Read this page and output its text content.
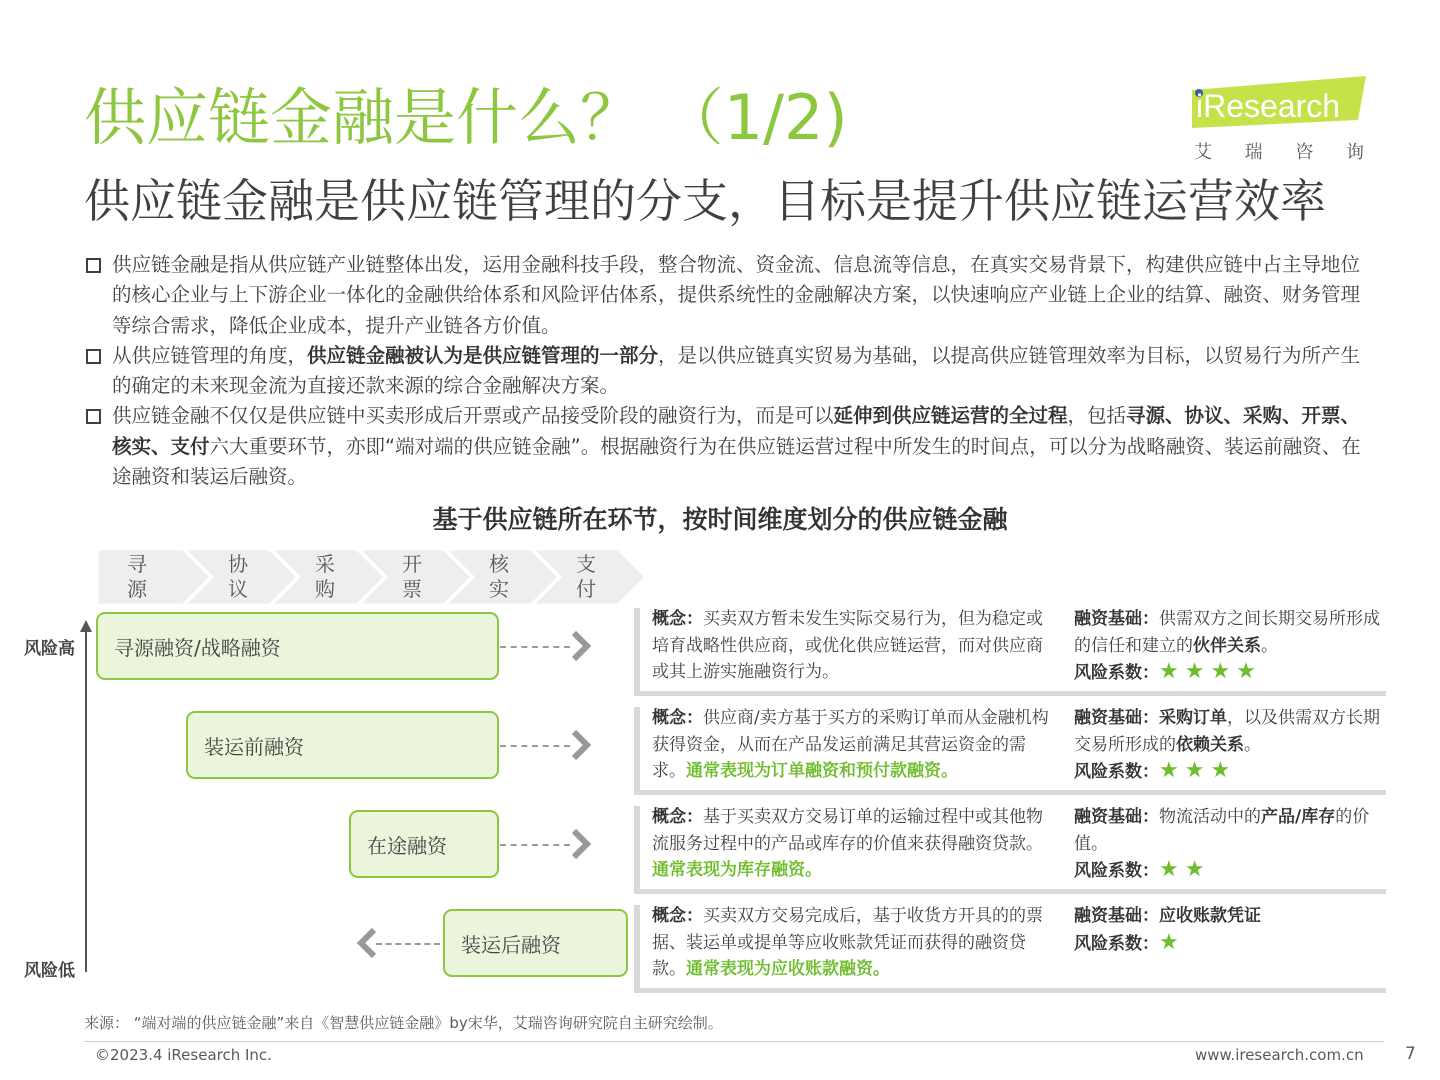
供应链金融是什么？ （1/2)
供应链金融是供应链管理的分支，目标是提升供应链运营效率
iResearch
艾 瑞 咨 询
供应链金融是指从供应链产业链整体出发，运用金融科技手段，整合物流、资金流、信息流等信息，在真实交易背景下，构建供应链中占主导地位的核心企业与上下游企业一体化的金融供给体系和风险评估体系，提供系统性的金融解决方案，以快速响应产业链上企业的结算、融资、财务管理等综合需求，降低企业成本，提升产业链各方价值。
从供应链管理的角度，供应链金融被认为是供应链管理的一部分，是以供应链真实贸易为基础，以提高供应链管理效率为目标，以贸易行为所产生的确定的未来现金流为直接还款来源的综合金融解决方案。
供应链金融不仅仅是供应链中买卖形成后开票或产品接受阶段的融资行为，而是可以延伸到供应链运营的全过程，包括寻源、协议、采购、开票、核实、支付六大重要环节，亦即“端对端的供应链金融”。根据融资行为在供应链运营过程中所发生的时间点，可以分为战略融资、装运前融资、在途融资和装运后融资。
基于供应链所在环节，按时间维度划分的供应链金融
寻
源
协
议
采
购
开
票
核
实
支
付
风险高
风险低
寻源融资/战略融资
概念：买卖双方暂未发生实际交易行为，但为稳定或培育战略性供应商，或优化供应链运营，而对供应商或其上游实施融资行为。
融资基础：供需双方之间长期交易所形成的信任和建立的伙伴关系。
风险系数：★★★★
装运前融资
概念：供应商/卖方基于买方的采购订单而从金融机构获得资金，从而在产品发运前满足其营运资金的需求。通常表现为订单融资和预付款融资。
融资基础：采购订单，以及供需双方长期交易所形成的依赖关系。
风险系数：★★★
在途融资
概念：基于买卖双方交易订单的运输过程中或其他物流服务过程中的产品或库存的价值来获得融资贷款。通常表现为库存融资。
融资基础：物流活动中的产品/库存的价值。
风险系数：★★
装运后融资
概念：买卖双方交易完成后，基于收货方开具的的票据、装运单或提单等应收账款凭证而获得的融资贷款。通常表现为应收账款融资。
融资基础：应收账款凭证
风险系数：★
来源： “端对端的供应链金融”来自《智慧供应链金融》by宋华，艾瑞咨询研究院自主研究绘制。
©2023.4 iResearch Inc.	www.iresearch.com.cn 7
